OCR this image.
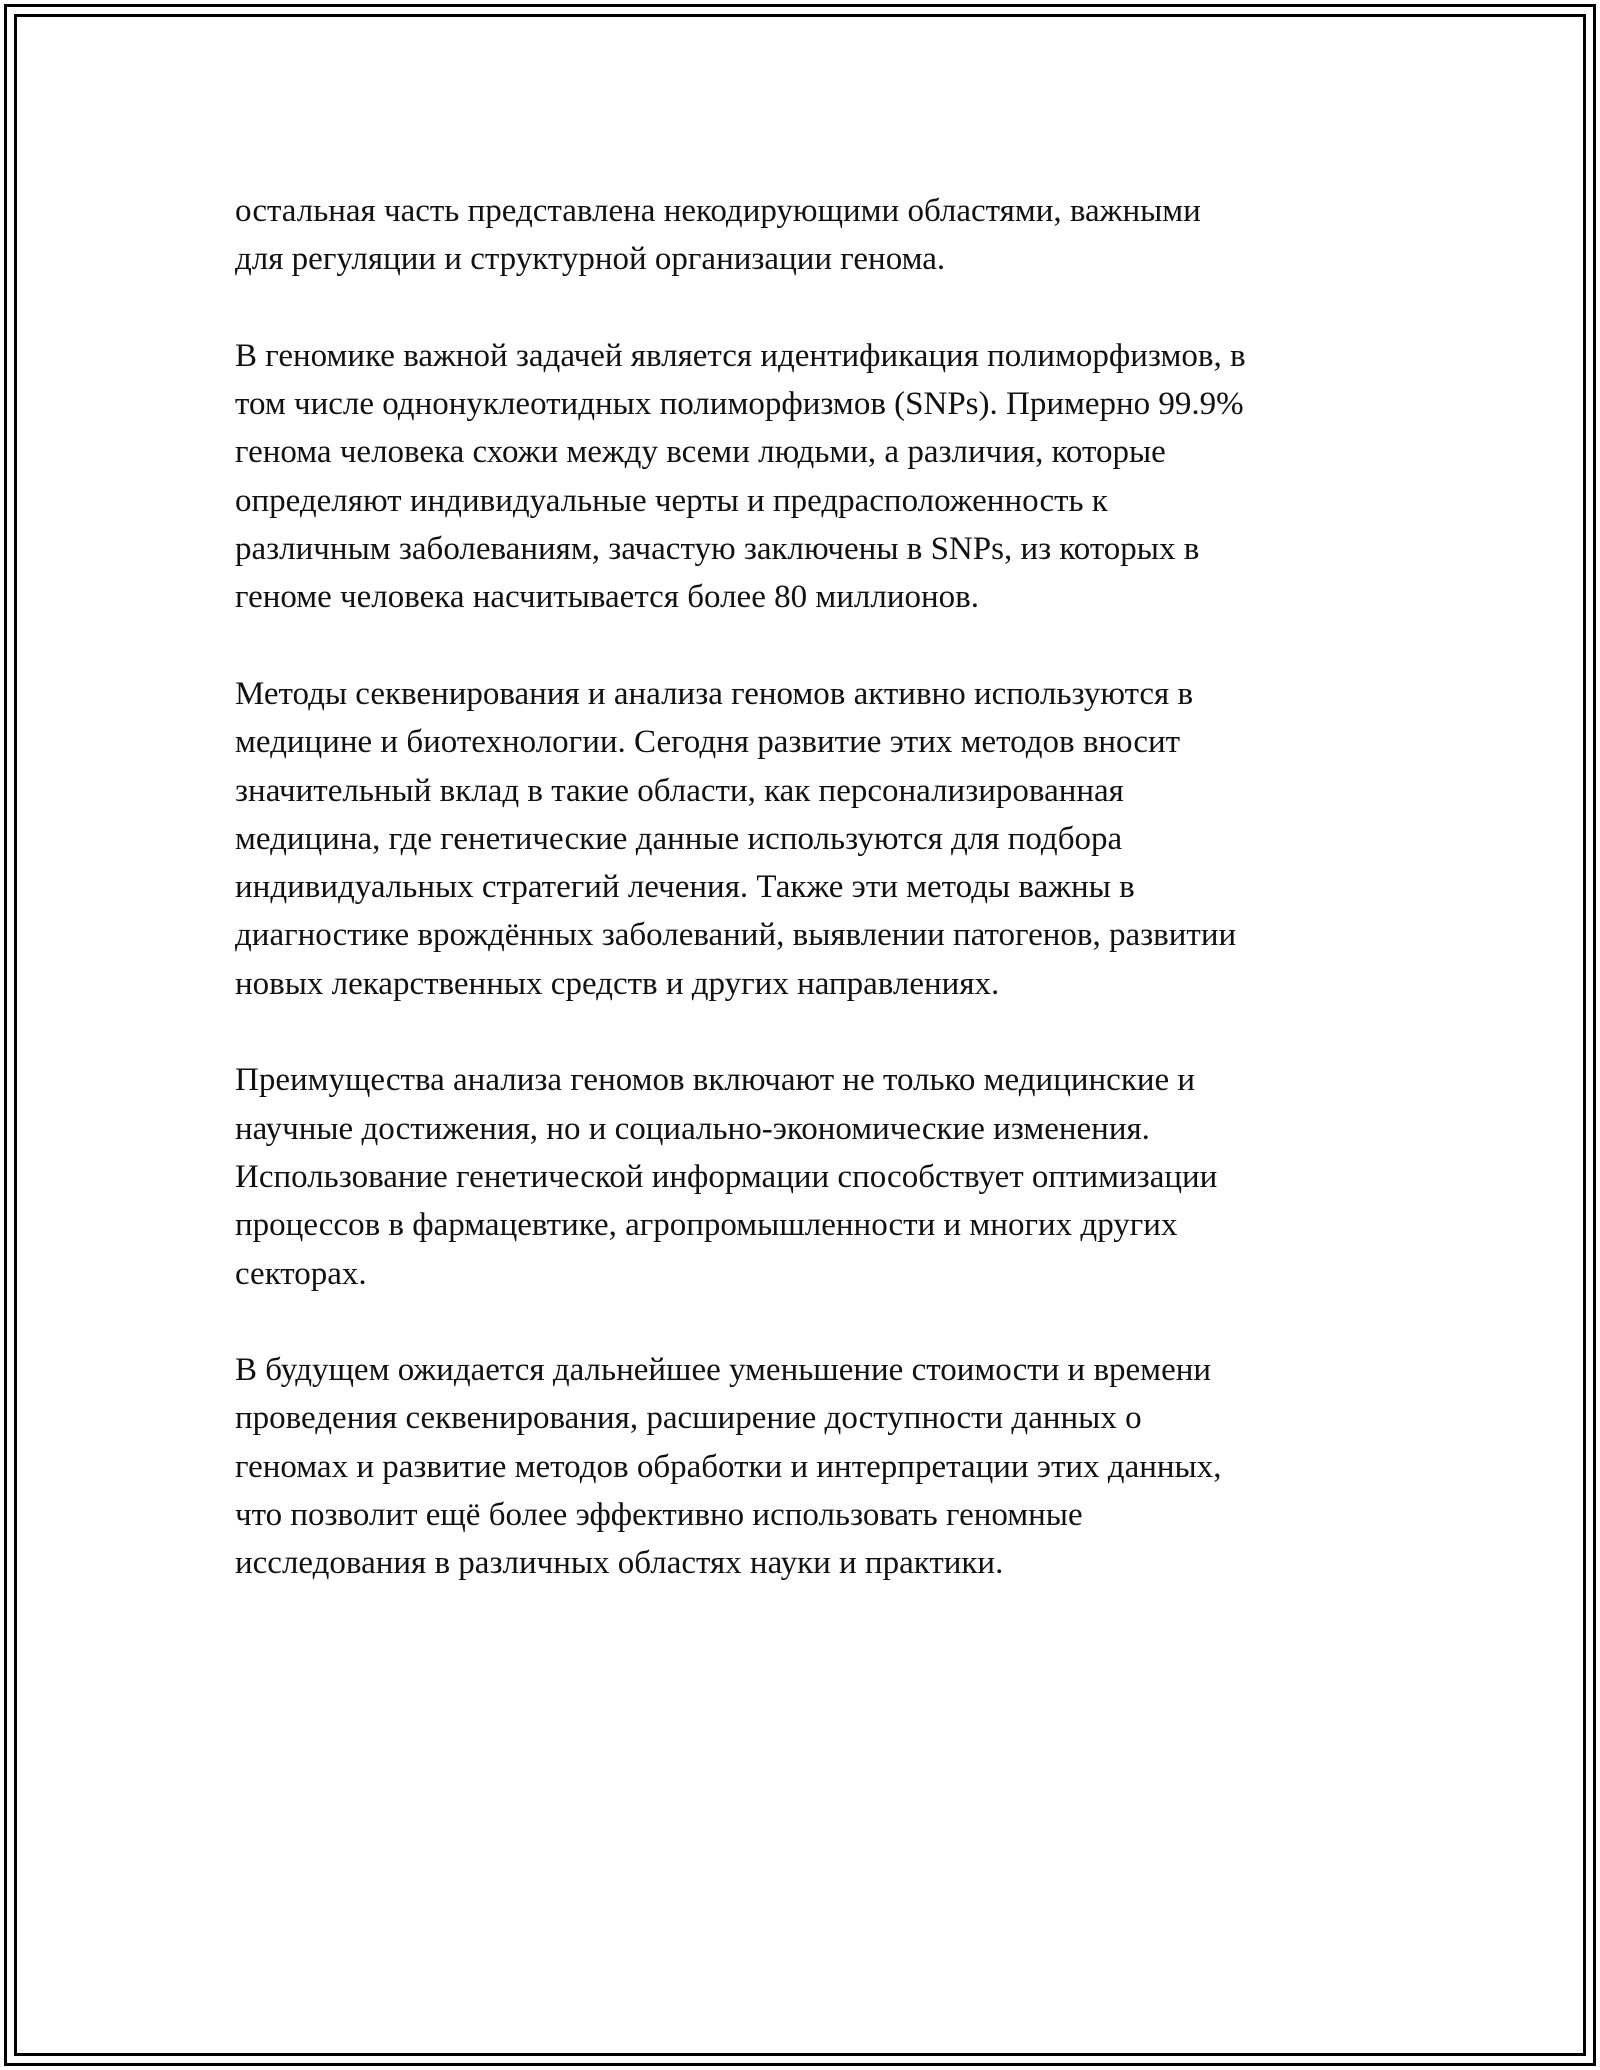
остальная часть представлена некодирующими областями, важными
для регуляции и структурной организации генома.
В геномике важной задачей является идентификация полиморфизмов, в
том числе однонуклеотидных полиморфизмов (SNPs). Примерно 99.9%
генома человека схожи между всеми людьми, а различия, которые
определяют индивидуальные черты и предрасположенность к
различным заболеваниям, зачастую заключены в SNPs, из которых в
геноме человека насчитывается более 80 миллионов.
Методы секвенирования и анализа геномов активно используются в
медицине и биотехнологии. Сегодня развитие этих методов вносит
значительный вклад в такие области, как персонализированная
медицина, где генетические данные используются для подбора
индивидуальных стратегий лечения. Также эти методы важны в
диагностике врождённых заболеваний, выявлении патогенов, развитии
новых лекарственных средств и других направлениях.
Преимущества анализа геномов включают не только медицинские и
научные достижения, но и социально-экономические изменения.
Использование генетической информации способствует оптимизации
процессов в фармацевтике, агропромышленности и многих других
секторах.
В будущем ожидается дальнейшее уменьшение стоимости и времени
проведения секвенирования, расширение доступности данных о
геномах и развитие методов обработки и интерпретации этих данных,
что позволит ещё более эффективно использовать геномные
исследования в различных областях науки и практики.
